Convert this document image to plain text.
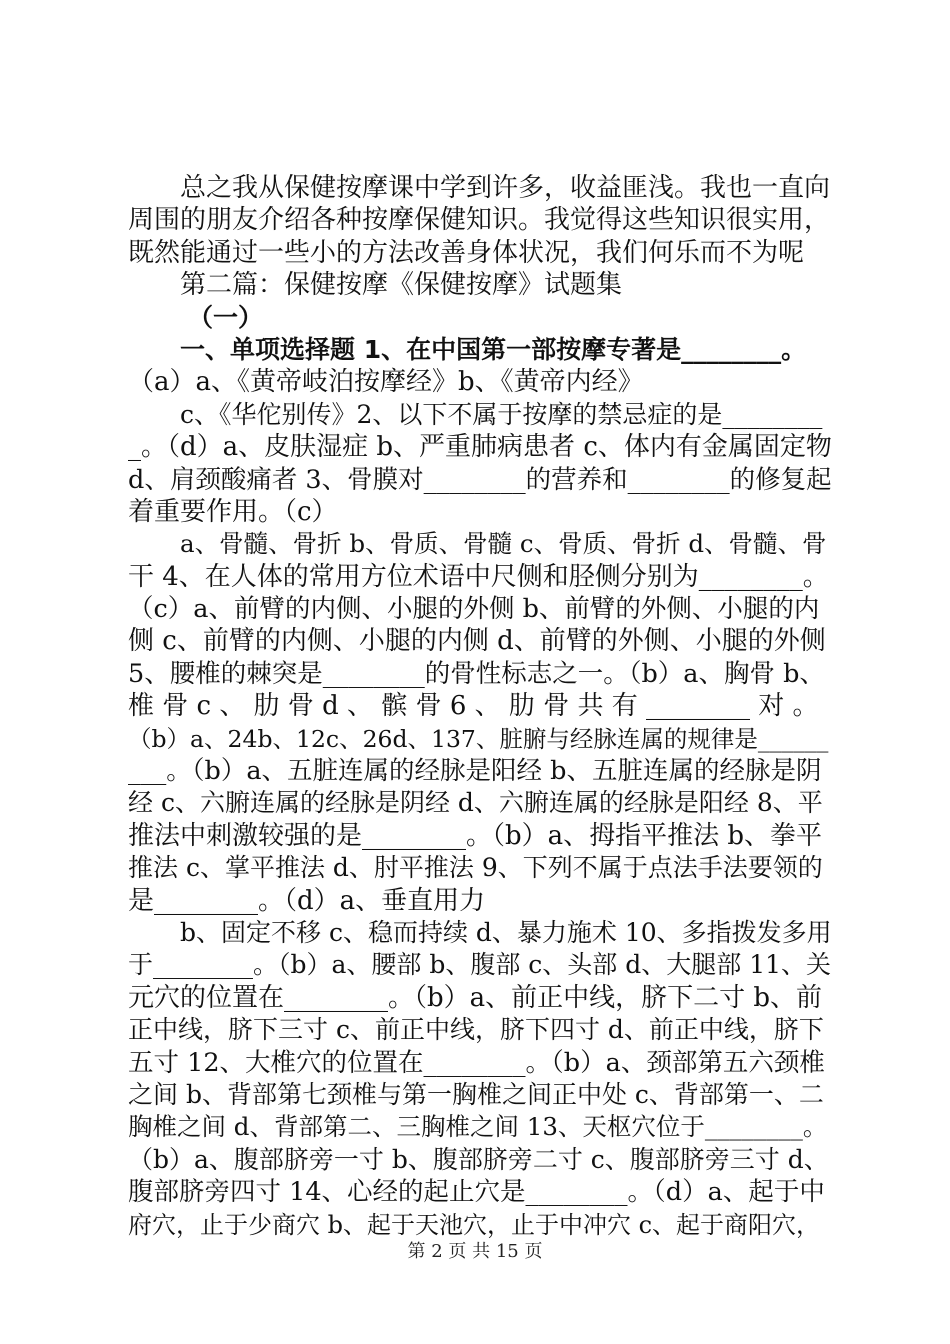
总之我从保健按摩课中学到许多，收益匪浅。我也一直向
周围的朋友介绍各种按摩保健知识。我觉得这些知识很实用，
既然能通过一些小的方法改善身体状况，我们何乐而不为呢
第二篇：保健按摩《保健按摩》试题集
（一）
一、单项选择题 1、在中国第一部按摩专著是________。
（a）a、《黄帝岐泊按摩经》b、《黄帝内经》
c、《华佗别传》2、以下不属于按摩的禁忌症的是________
_。（d）a、皮肤湿症 b、严重肺病患者 c、体内有金属固定物
d、肩颈酸痛者 3、骨膜对________的营养和________的修复起
着重要作用。（c）
a、骨髓、骨折 b、骨质、骨髓 c、骨质、骨折 d、骨髓、骨
干 4、在人体的常用方位术语中尺侧和胫侧分别为________。
（c）a、前臂的内侧、小腿的外侧 b、前臂的外侧、小腿的内
侧 c、前臂的内侧、小腿的内侧 d、前臂的外侧、小腿的外侧
5、腰椎的棘突是________的骨性标志之一。（b）a、胸骨 b、
椎 骨 c 、 肋 骨 d 、 髌 骨 6 、 肋 骨 共 有 ________ 对 。
（b）a、24b、12c、26d、137、脏腑与经脉连属的规律是______
___。（b）a、五脏连属的经脉是阳经 b、五脏连属的经脉是阴
经 c、六腑连属的经脉是阴经 d、六腑连属的经脉是阳经 8、平
推法中刺激较强的是________。（b）a、拇指平推法 b、拳平
推法 c、掌平推法 d、肘平推法 9、下列不属于点法手法要领的
是________。（d）a、垂直用力
b、固定不移 c、稳而持续 d、暴力施术 10、多指拨发多用
于________。（b）a、腰部 b、腹部 c、头部 d、大腿部 11、关
元穴的位置在________。（b）a、前正中线，脐下二寸 b、前
正中线，脐下三寸 c、前正中线，脐下四寸 d、前正中线，脐下
五寸 12、大椎穴的位置在________。（b）a、颈部第五六颈椎
之间 b、背部第七颈椎与第一胸椎之间正中处 c、背部第一、二
胸椎之间 d、背部第二、三胸椎之间 13、天枢穴位于________。
（b）a、腹部脐旁一寸 b、腹部脐旁二寸 c、腹部脐旁三寸 d、
腹部脐旁四寸 14、心经的起止穴是________。（d）a、起于中
府穴，止于少商穴 b、起于天池穴，止于中冲穴 c、起于商阳穴，
第 2 页 共 15 页
